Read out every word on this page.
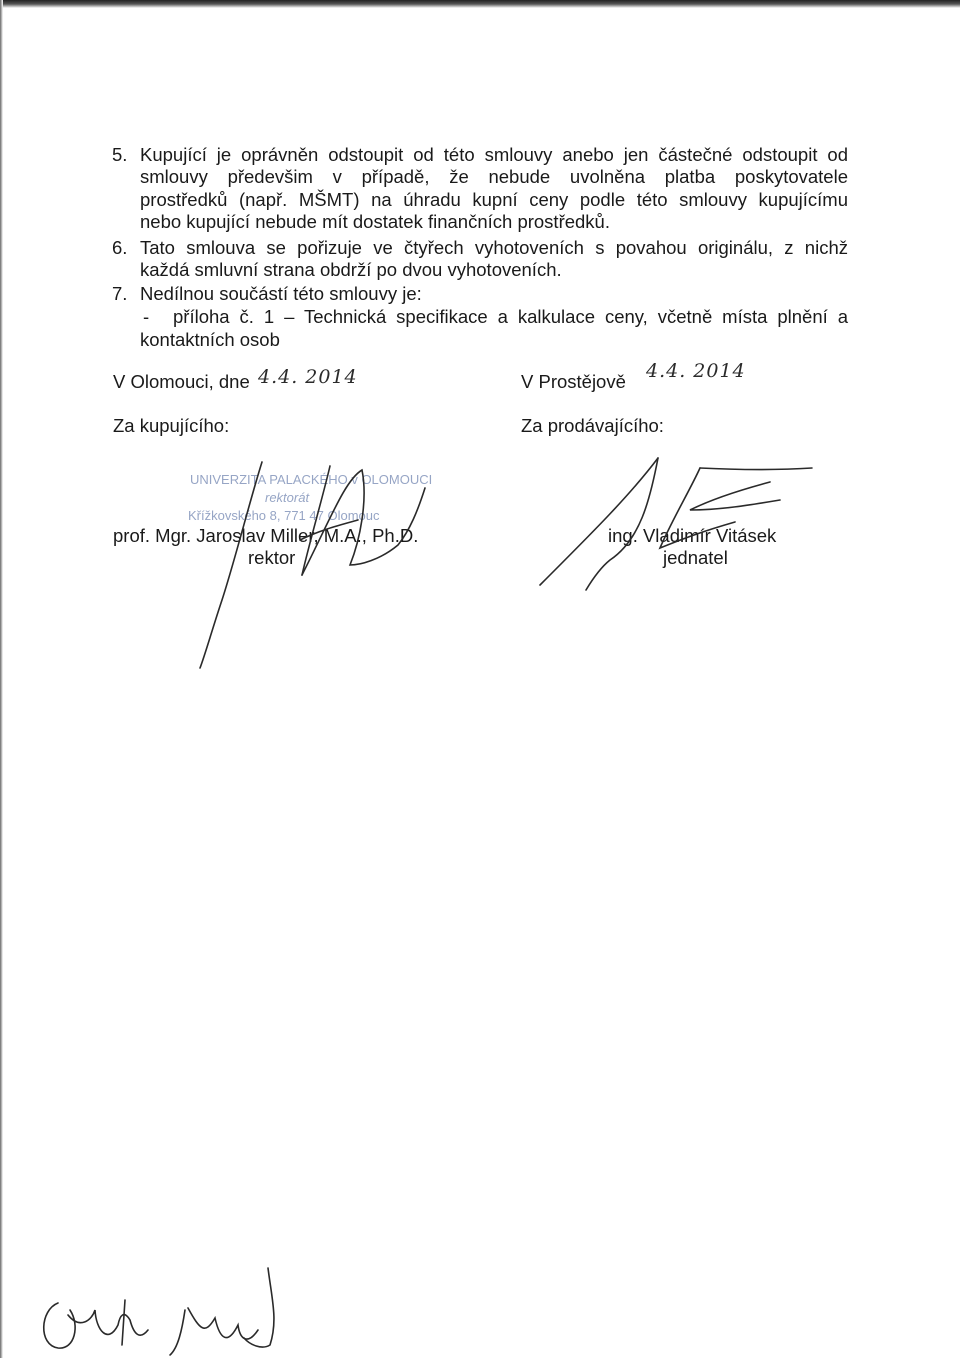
5. Kupující je oprávněn odstoupit od této smlouvy anebo jen částečné odstoupit od
smlouvy předevšim v případě, že nebude uvolněna platba poskytovatele
prostředků (např. MŠMT) na úhradu kupní ceny podle této smlouvy kupujícímu
nebo kupující nebude mít dostatek finančních prostředků.
6. Tato smlouva se pořizuje ve čtyřech vyhotoveních s povahou originálu, z nichž
každá smluvní strana obdrží po dvou vyhotoveních.
7. Nedílnou součástí této smlouvy je:
- příloha č. 1 – Technická specifikace a kalkulace ceny, včetně místa plnění a
kontaktních osob
V Olomouci, dne 4.4. 2014	V Prostějově 4.4. 2014
Za kupujícího:	Za prodávajícího:
UNIVERZITA PALACKÉHO v OLOMOUCI
rektorát
Křížkovského 8, 771 47 Olomouc
prof. Mgr. Jaroslav Miller, M.A., Ph.D.
rektor
ing. Vladimír Vitásek
jednatel
